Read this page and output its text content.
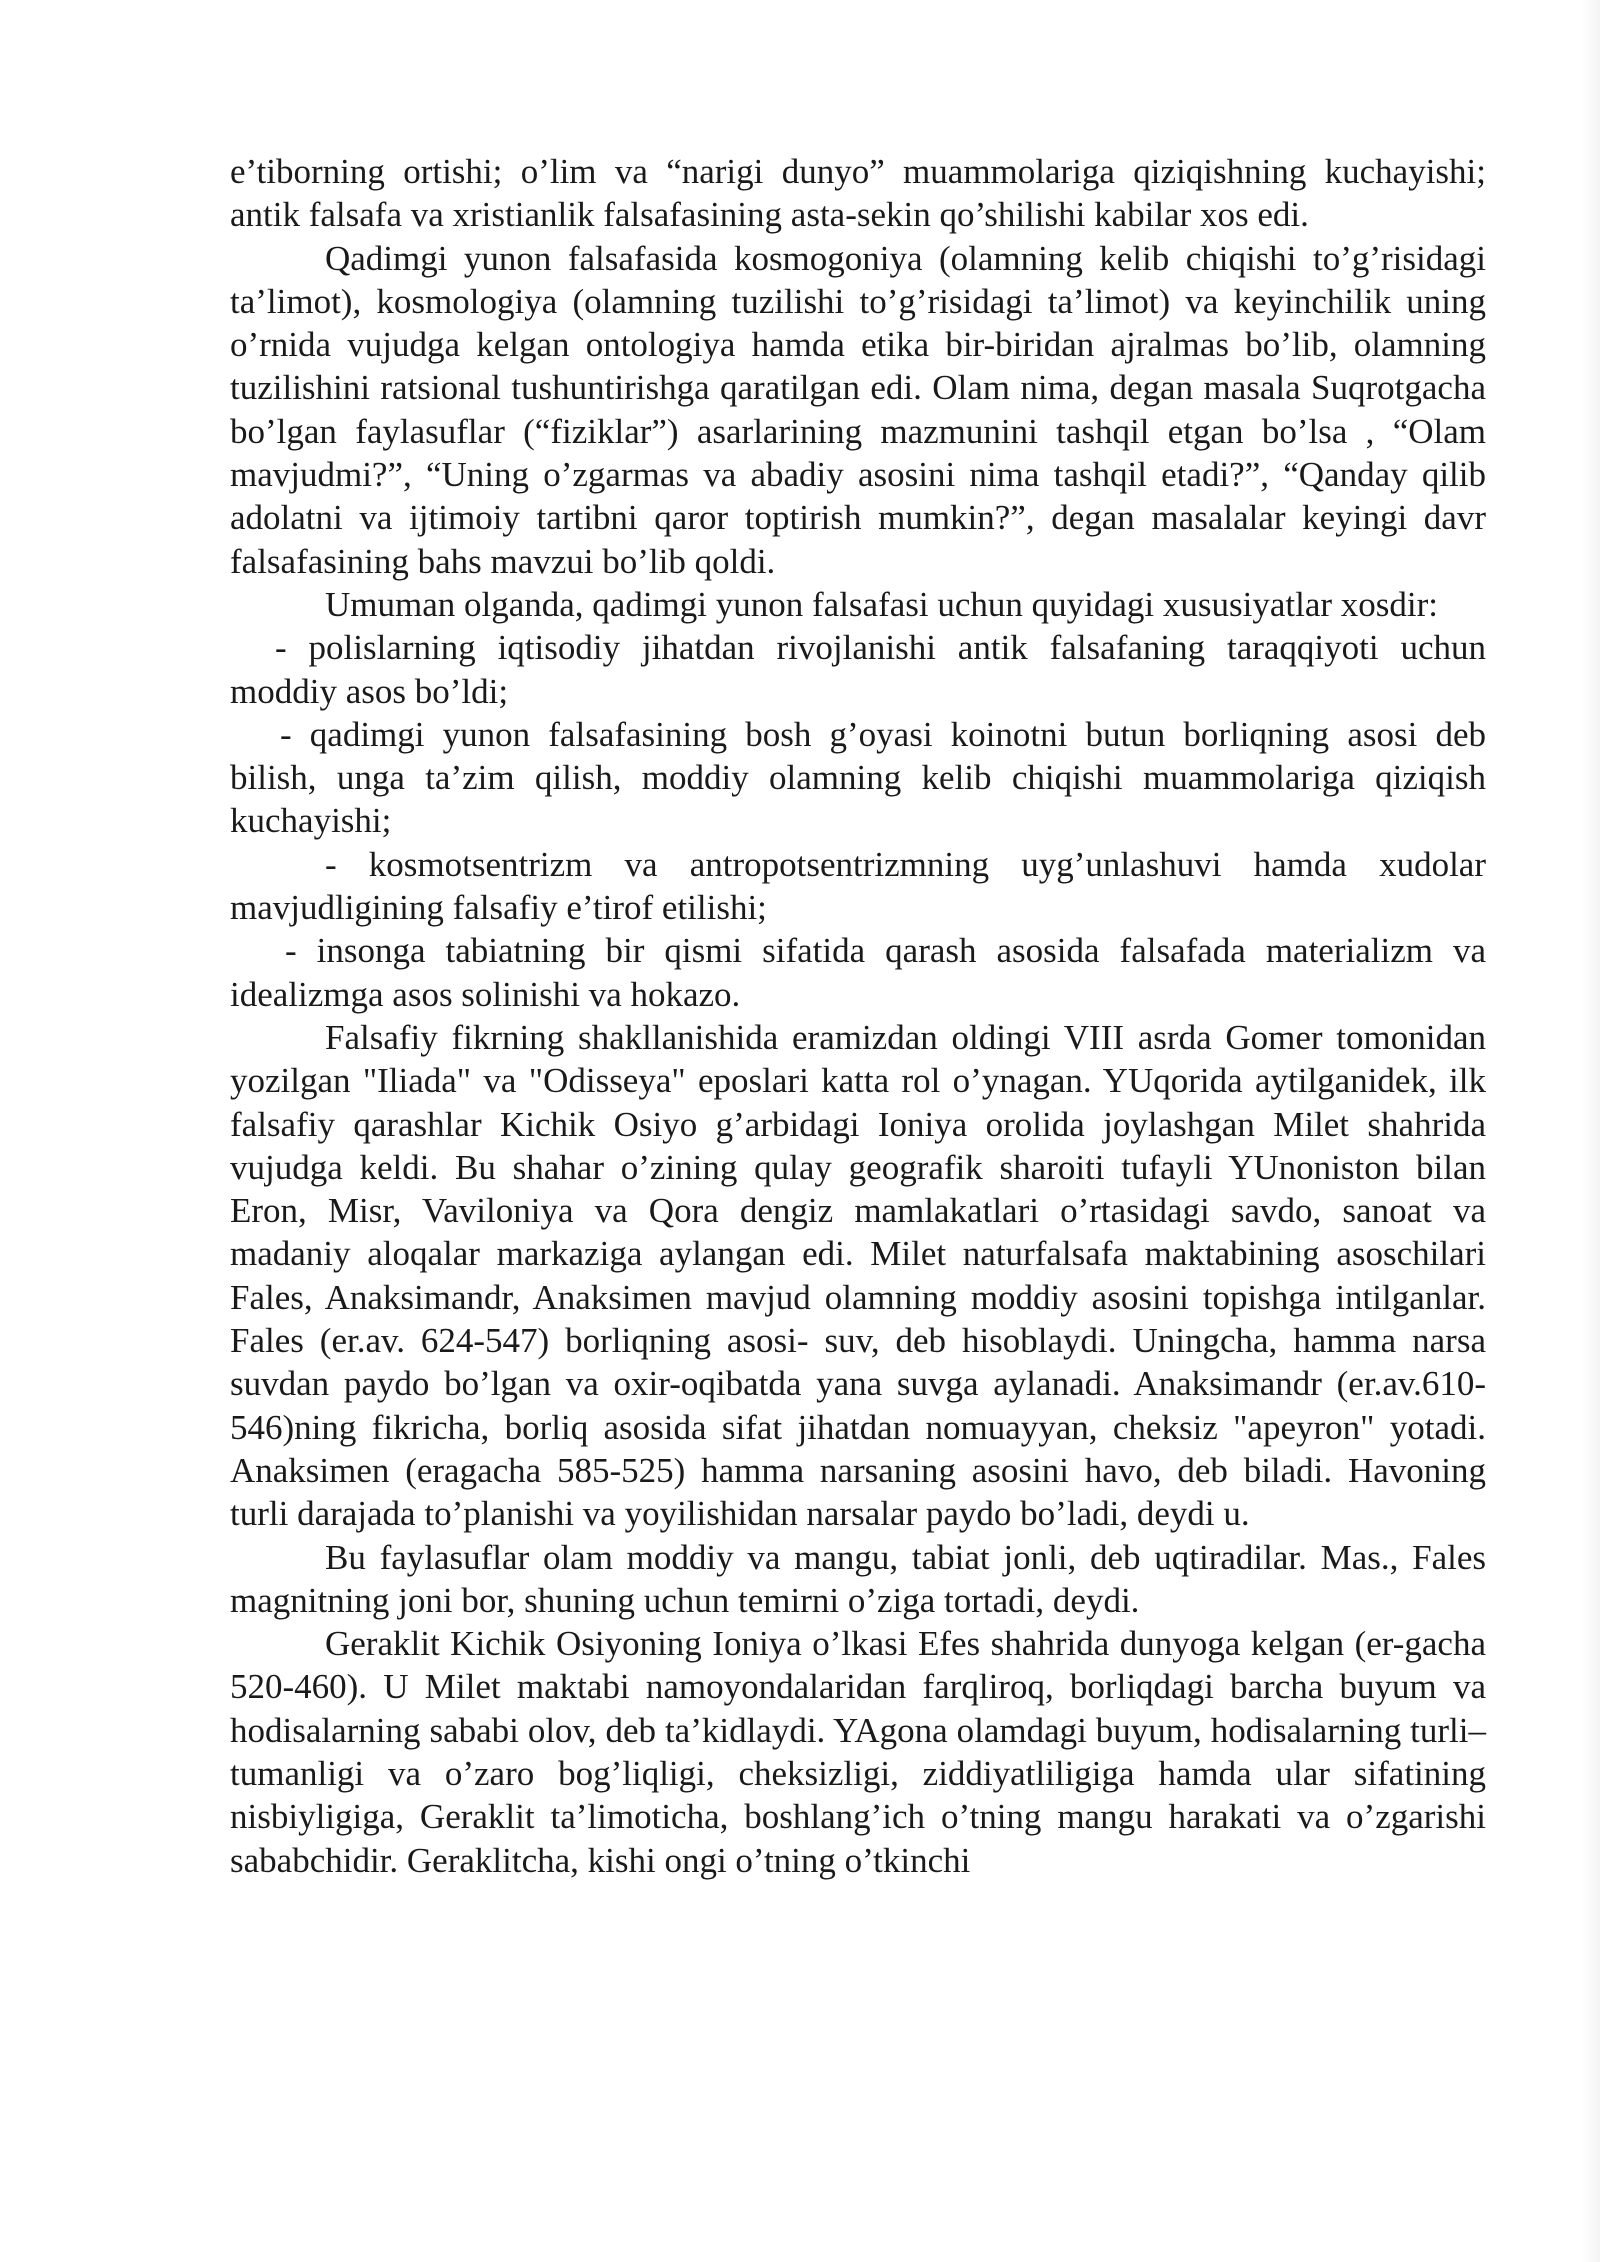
e’tiborning ortishi; o’lim va “narigi dunyo” muammolariga qiziqishning kuchayishi; antik falsafa va xristianlik falsafasining asta-sekin qo’shilishi kabilar xos edi.

Qadimgi yunon falsafasida kosmogoniya (olamning kelib chiqishi to’g’risidagi ta’limot), kosmologiya (olamning tuzilishi to’g’risidagi ta’limot) va keyinchilik uning o’rnida vujudga kelgan ontologiya hamda etika bir-biridan ajralmas bo’lib, olamning tuzilishini ratsional tushuntirishga qaratilgan edi. Olam nima, degan masala Suqrotgacha bo’lgan faylasuflar (“fiziklar”) asarlarining mazmunini tashqil etgan bo’lsa , “Olam mavjudmi?”, “Uning o’zgarmas va abadiy asosini nima tashqil etadi?”, “Qanday qilib adolatni va ijtimoiy tartibni qaror toptirish mumkin?”, degan masalalar keyingi davr falsafasining bahs mavzui bo’lib qoldi.

Umuman olganda, qadimgi yunon falsafasi uchun quyidagi xususiyatlar xosdir:

- polislarning iqtisodiy jihatdan rivojlanishi antik falsafaning taraqqiyoti uchun moddiy asos bo’ldi;

- qadimgi yunon falsafasining bosh g’oyasi koinotni butun borliqning asosi deb bilish, unga ta’zim qilish, moddiy olamning kelib chiqishi muammolariga qiziqish kuchayishi;

- kosmotsentrizm va antropotsentrizmning uyg’unlashuvi hamda xudolar mavjudligining falsafiy e’tirof etilishi;

- insonga tabiatning bir qismi sifatida qarash asosida falsafada materializm va idealizmga asos solinishi va hokazo.

Falsafiy fikrning shakllanishida eramizdan oldingi VIII asrda Gomer tomonidan yozilgan "Iliada" va "Odisseya" eposlari katta rol o’ynagan. YUqorida aytilganidek, ilk falsafiy qarashlar Kichik Osiyo g’arbidagi Ioniya orolida joylashgan Milet shahrida vujudga keldi. Bu shahar o’zining qulay geografik sharoiti tufayli YUnoniston bilan Eron, Misr, Vaviloniya va Qora dengiz mamlakatlari o’rtasidagi savdo, sanoat va madaniy aloqalar markaziga aylangan edi. Milet naturfalsafa maktabining asoschilari Fales, Anaksimandr, Anaksimen mavjud olamning moddiy asosini topishga intilganlar. Fales (er.av. 624-547) borliqning asosi- suv, deb hisoblaydi. Uningcha, hamma narsa suvdan paydo bo’lgan va oxir-oqibatda yana suvga aylanadi. Anaksimandr (er.av.610-546)ning fikricha, borliq asosida sifat jihatdan nomuayyan, cheksiz "apeyron" yotadi. Anaksimen (eragacha 585-525) hamma narsaning asosini havo, deb biladi. Havoning turli darajada to’planishi va yoyilishidan narsalar paydo bo’ladi, deydi u.

Bu faylasuflar olam moddiy va mangu, tabiat jonli, deb uqtiradilar. Mas., Fales magnitning joni bor, shuning uchun temirni o’ziga tortadi, deydi.

Geraklit Kichik Osiyoning Ioniya o’lkasi Efes shahrida dunyoga kelgan (er-gacha 520-460). U Milet maktabi namoyondalaridan farqliroq, borliqdagi barcha buyum va hodisalarning sababi olov, deb ta’kidlaydi. YAgona olamdagi buyum, hodisalarning turli–tumanligi va o’zaro bog’liqligi, cheksizligi, ziddiyatliligiga hamda ular sifatining nisbiyligiga, Geraklit ta’limoticha, boshlang’ich o’tning mangu harakati va o’zgarishi sababchidir. Geraklitcha, kishi ongi o’tning o’tkinchi
